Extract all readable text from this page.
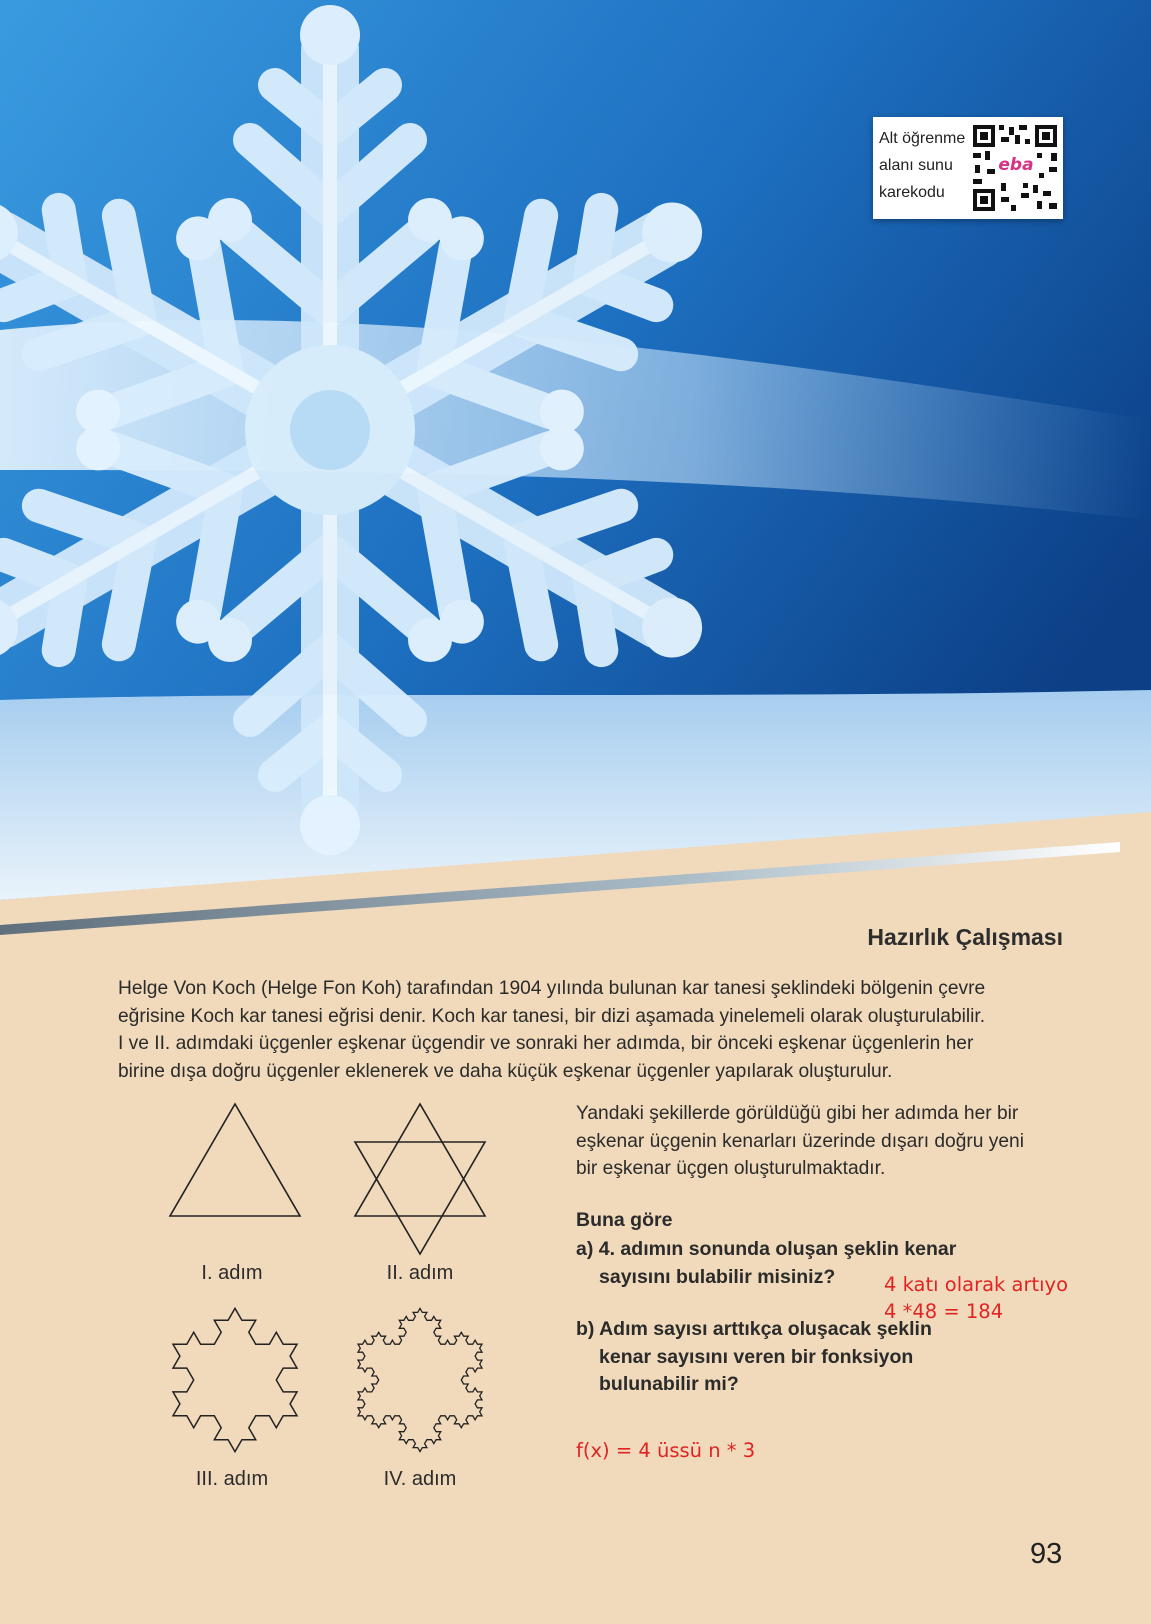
Alt öğrenme
alanı sunu
karekodu
eba
Hazırlık Çalışması
Helge Von Koch (Helge Fon Koh) tarafından 1904 yılında bulunan kar tanesi şeklindeki bölgenin çevre
eğrisine Koch kar tanesi eğrisi denir. Koch kar tanesi, bir dizi aşamada yinelemeli olarak oluşturulabilir.
I ve II. adımdaki üçgenler eşkenar üçgendir ve sonraki her adımda, bir önceki eşkenar üçgenlerin her
birine dışa doğru üçgenler eklenerek ve daha küçük eşkenar üçgenler yapılarak oluşturulur.
I. adım	II. adım
III. adım	IV. adım
Yandaki şekillerde görüldüğü gibi her adımda her bir
eşkenar üçgenin kenarları üzerinde dışarı doğru yeni
bir eşkenar üçgen oluşturulmaktadır.
Buna göre
a) 4. adımın sonunda oluşan şeklin kenar
sayısını bulabilir misiniz?
b) Adım sayısı arttıkça oluşacak şeklin
kenar sayısını veren bir fonksiyon
bulunabilir mi?
4 katı olarak artıyo
4 *48 = 184
f(x) = 4 üssü n * 3
93
